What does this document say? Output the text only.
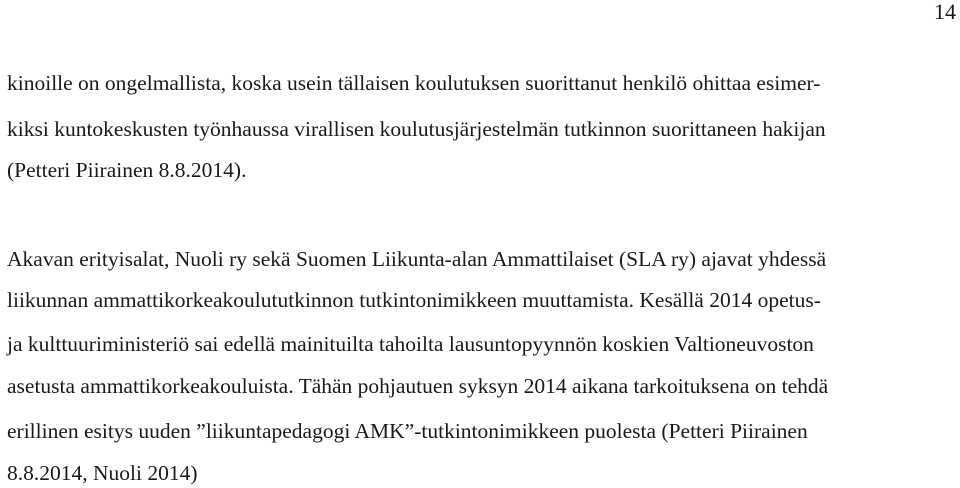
14
kinoille on ongelmallista, koska usein tällaisen koulutuksen suorittanut henkilö ohittaa esimer-
kiksi kuntokeskusten työnhaussa virallisen koulutusjärjestelmän tutkinnon suorittaneen hakijan
(Petteri Piirainen 8.8.2014).
Akavan erityisalat, Nuoli ry sekä Suomen Liikunta-alan Ammattilaiset (SLA ry) ajavat yhdessä
liikunnan ammattikorkeakoulututkinnon tutkintonimikkeen muuttamista. Kesällä 2014 opetus-
ja kulttuuriministeriö sai edellä mainituilta tahoilta lausuntopyynnön koskien Valtioneuvoston
asetusta ammattikorkeakouluista. Tähän pohjautuen syksyn 2014 aikana tarkoituksena on tehdä
erillinen esitys uuden ”liikuntapedagogi AMK”-tutkintonimikkeen puolesta (Petteri Piirainen
8.8.2014, Nuoli 2014)
